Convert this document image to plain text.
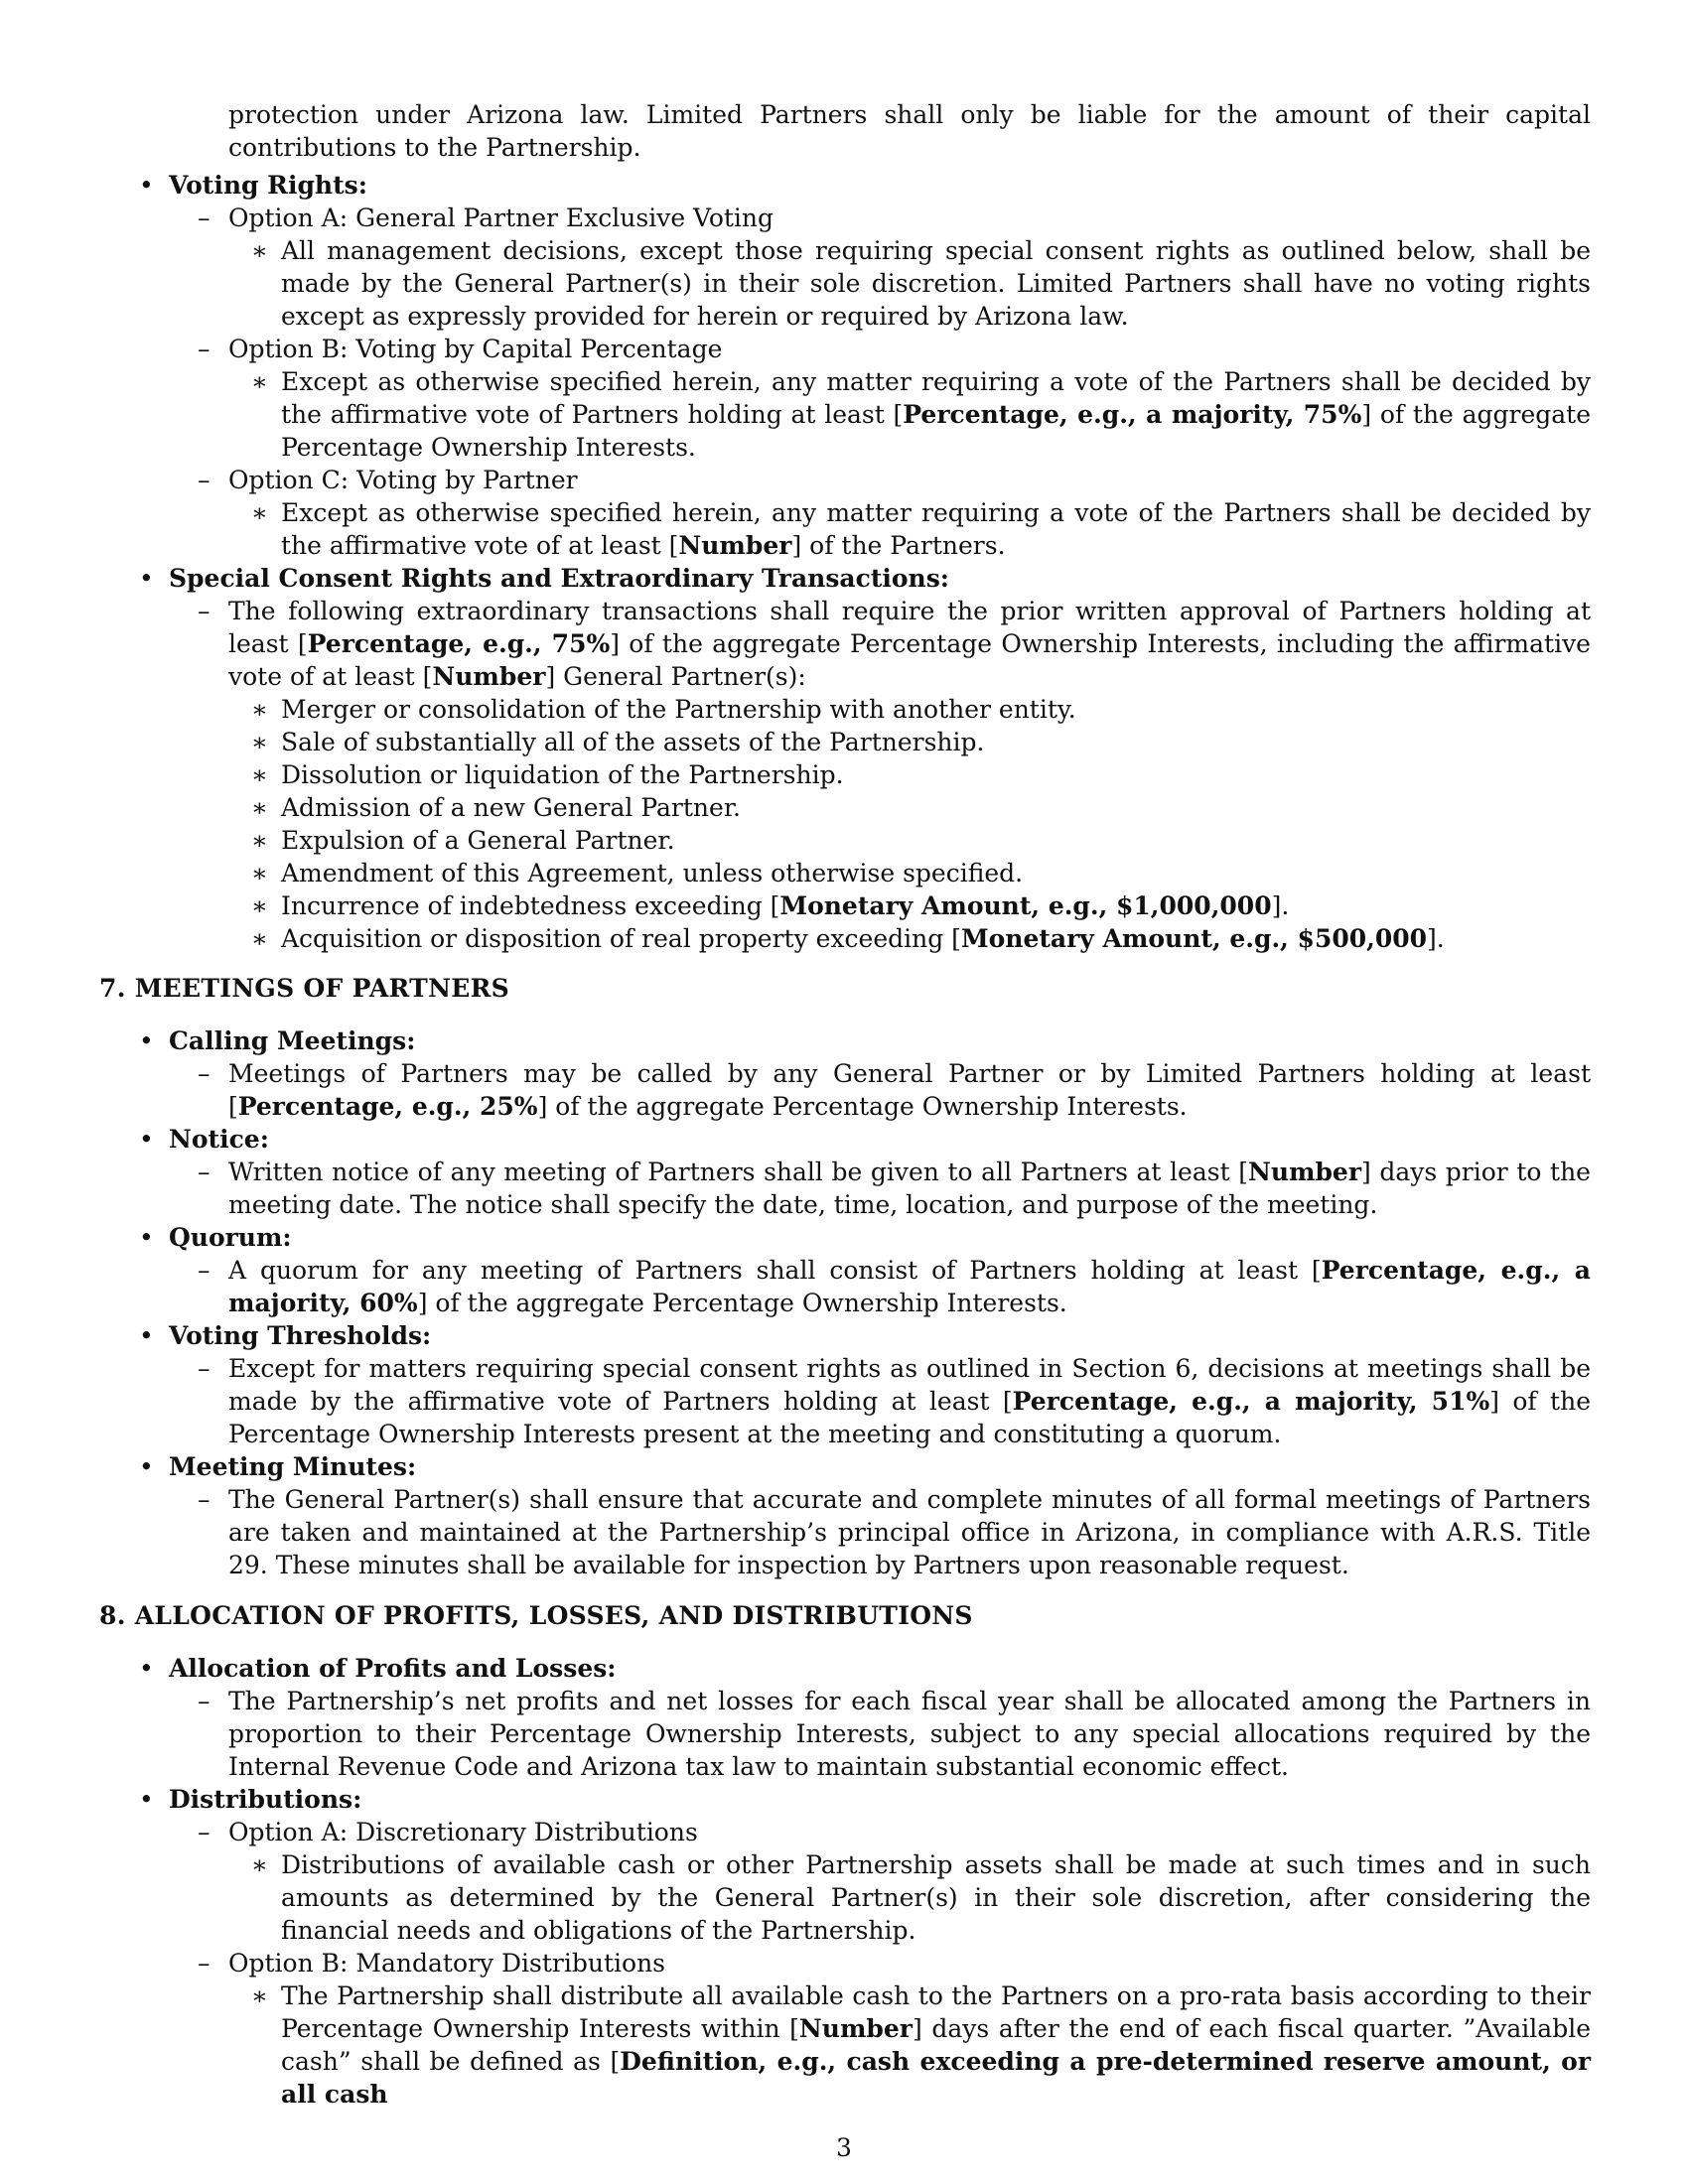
protection under Arizona law. Limited Partners shall only be liable for the amount of their capital contributions to the Partnership.
• Voting Rights:
– Option A: General Partner Exclusive Voting
∗ All management decisions, except those requiring special consent rights as outlined below, shall be made by the General Partner(s) in their sole discretion. Limited Partners shall have no voting rights except as expressly provided for herein or required by Arizona law.
– Option B: Voting by Capital Percentage
∗ Except as otherwise specified herein, any matter requiring a vote of the Partners shall be decided by the affirmative vote of Partners holding at least [Percentage, e.g., a majority, 75%] of the aggregate Percentage Ownership Interests.
– Option C: Voting by Partner
∗ Except as otherwise specified herein, any matter requiring a vote of the Partners shall be decided by the affirmative vote of at least [Number] of the Partners.
• Special Consent Rights and Extraordinary Transactions:
– The following extraordinary transactions shall require the prior written approval of Partners holding at least [Percentage, e.g., 75%] of the aggregate Percentage Ownership Interests, including the affirmative vote of at least [Number] General Partner(s):
∗ Merger or consolidation of the Partnership with another entity.
∗ Sale of substantially all of the assets of the Partnership.
∗ Dissolution or liquidation of the Partnership.
∗ Admission of a new General Partner.
∗ Expulsion of a General Partner.
∗ Amendment of this Agreement, unless otherwise specified.
∗ Incurrence of indebtedness exceeding [Monetary Amount, e.g., $1,000,000].
∗ Acquisition or disposition of real property exceeding [Monetary Amount, e.g., $500,000].
7. MEETINGS OF PARTNERS
• Calling Meetings:
– Meetings of Partners may be called by any General Partner or by Limited Partners holding at least [Percentage, e.g., 25%] of the aggregate Percentage Ownership Interests.
• Notice:
– Written notice of any meeting of Partners shall be given to all Partners at least [Number] days prior to the meeting date. The notice shall specify the date, time, location, and purpose of the meeting.
• Quorum:
– A quorum for any meeting of Partners shall consist of Partners holding at least [Percentage, e.g., a majority, 60%] of the aggregate Percentage Ownership Interests.
• Voting Thresholds:
– Except for matters requiring special consent rights as outlined in Section 6, decisions at meetings shall be made by the affirmative vote of Partners holding at least [Percentage, e.g., a majority, 51%] of the Percentage Ownership Interests present at the meeting and constituting a quorum.
• Meeting Minutes:
– The General Partner(s) shall ensure that accurate and complete minutes of all formal meetings of Partners are taken and maintained at the Partnership’s principal office in Arizona, in compliance with A.R.S. Title 29. These minutes shall be available for inspection by Partners upon reasonable request.
8. ALLOCATION OF PROFITS, LOSSES, AND DISTRIBUTIONS
• Allocation of Profits and Losses:
– The Partnership’s net profits and net losses for each fiscal year shall be allocated among the Partners in proportion to their Percentage Ownership Interests, subject to any special allocations required by the Internal Revenue Code and Arizona tax law to maintain substantial economic effect.
• Distributions:
– Option A: Discretionary Distributions
∗ Distributions of available cash or other Partnership assets shall be made at such times and in such amounts as determined by the General Partner(s) in their sole discretion, after considering the financial needs and obligations of the Partnership.
– Option B: Mandatory Distributions
∗ The Partnership shall distribute all available cash to the Partners on a pro-rata basis according to their Percentage Ownership Interests within [Number] days after the end of each fiscal quarter. ”Available cash” shall be defined as [Definition, e.g., cash exceeding a pre-determined reserve amount, or all cash
3
